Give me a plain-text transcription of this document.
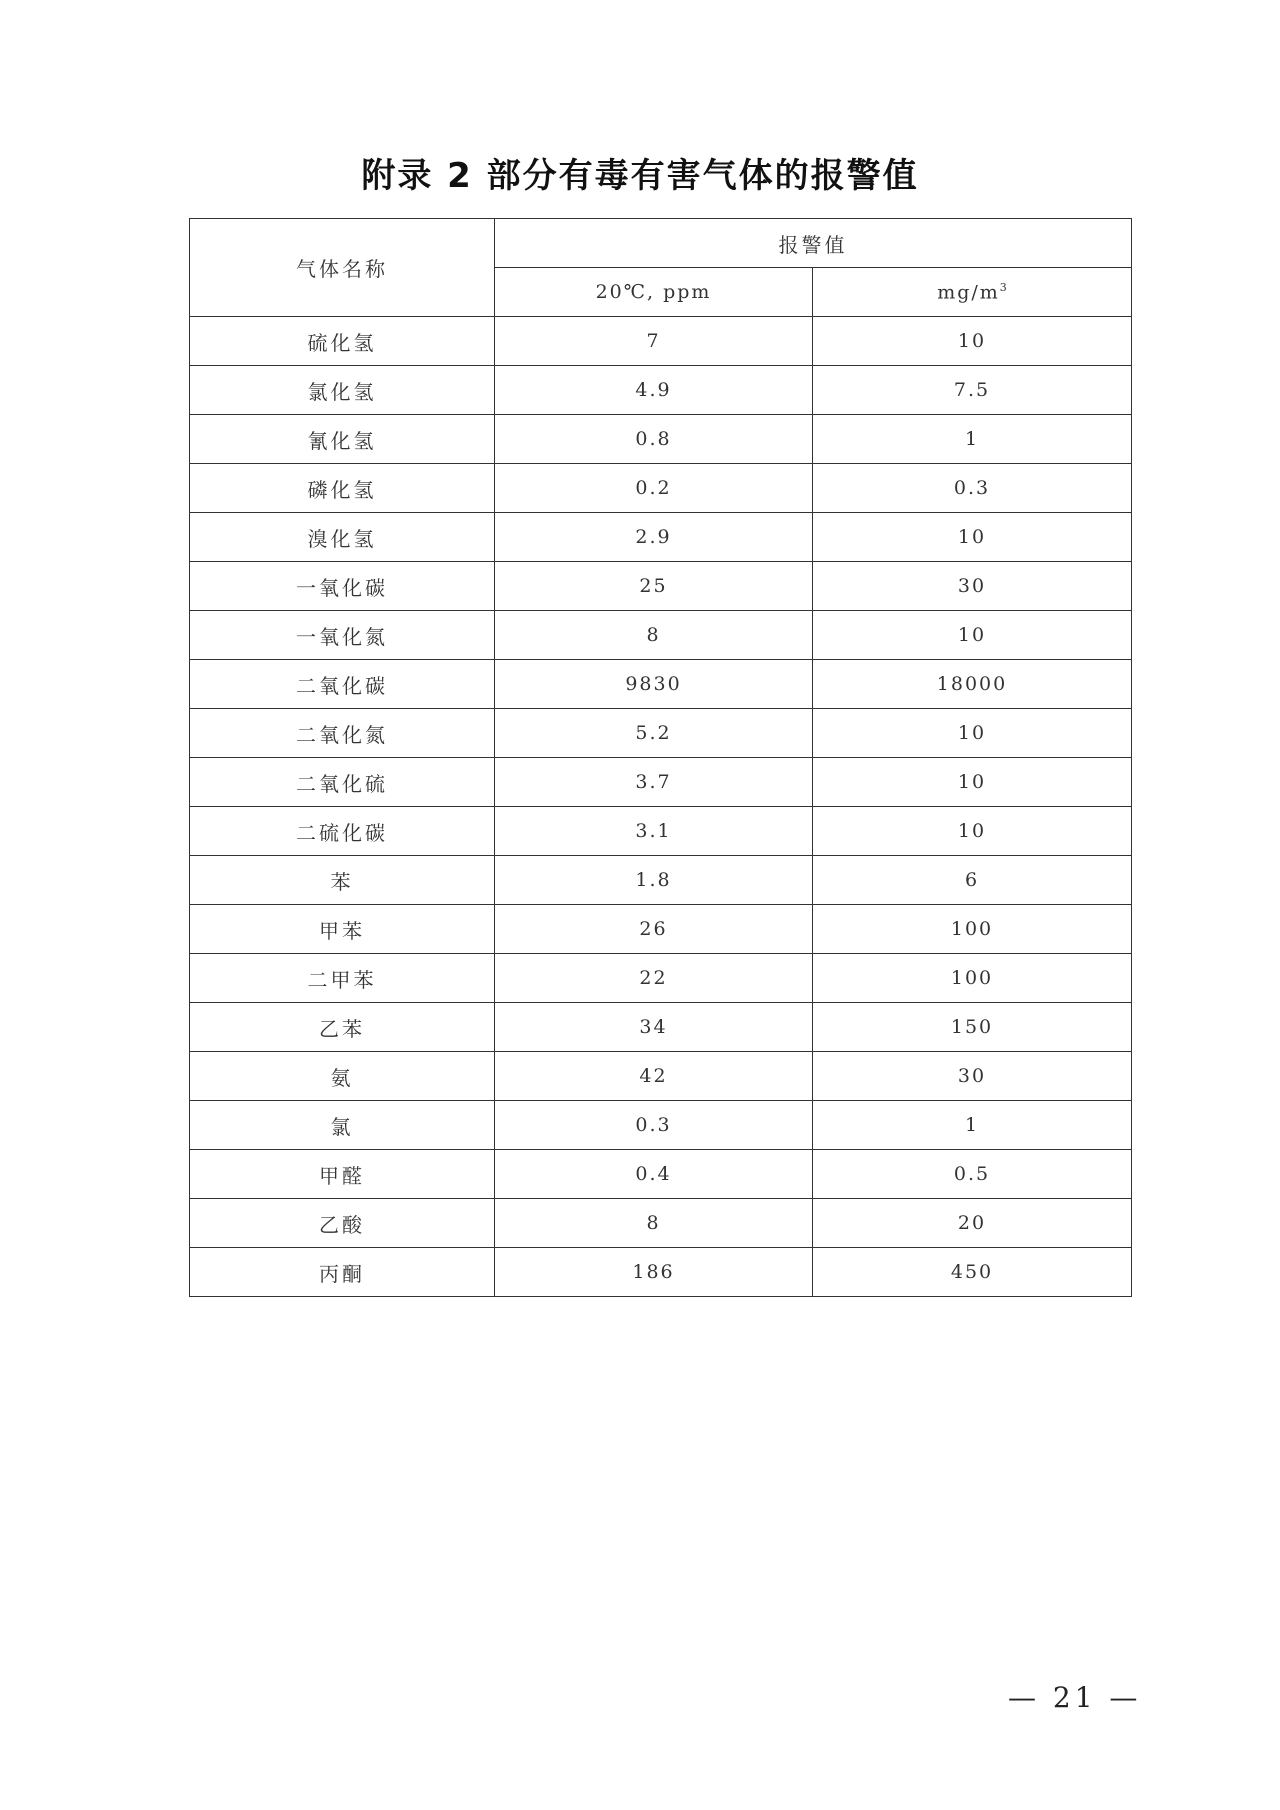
附录 2 部分有毒有害气体的报警值
气体名称	报警值	
	20℃, ppm	$mg/m^3$
硫化氢	7	10
氯化氢	4.9	7.5
氰化氢	0.8	1
磷化氢	0.2	0.3
溴化氢	2.9	10
一氧化碳	25	30
一氧化氮	8	10
二氧化碳	9830	18000
二氧化氮	5.2	10
二氧化硫	3.7	10
二硫化碳	3.1	10
苯	1.8	6
甲苯	26	100
二甲苯	22	100
乙苯	34	150
氨	42	30
氯	0.3	1
甲醛	0.4	0.5
乙酸	8	20
丙酮	186	450
— 21 —
